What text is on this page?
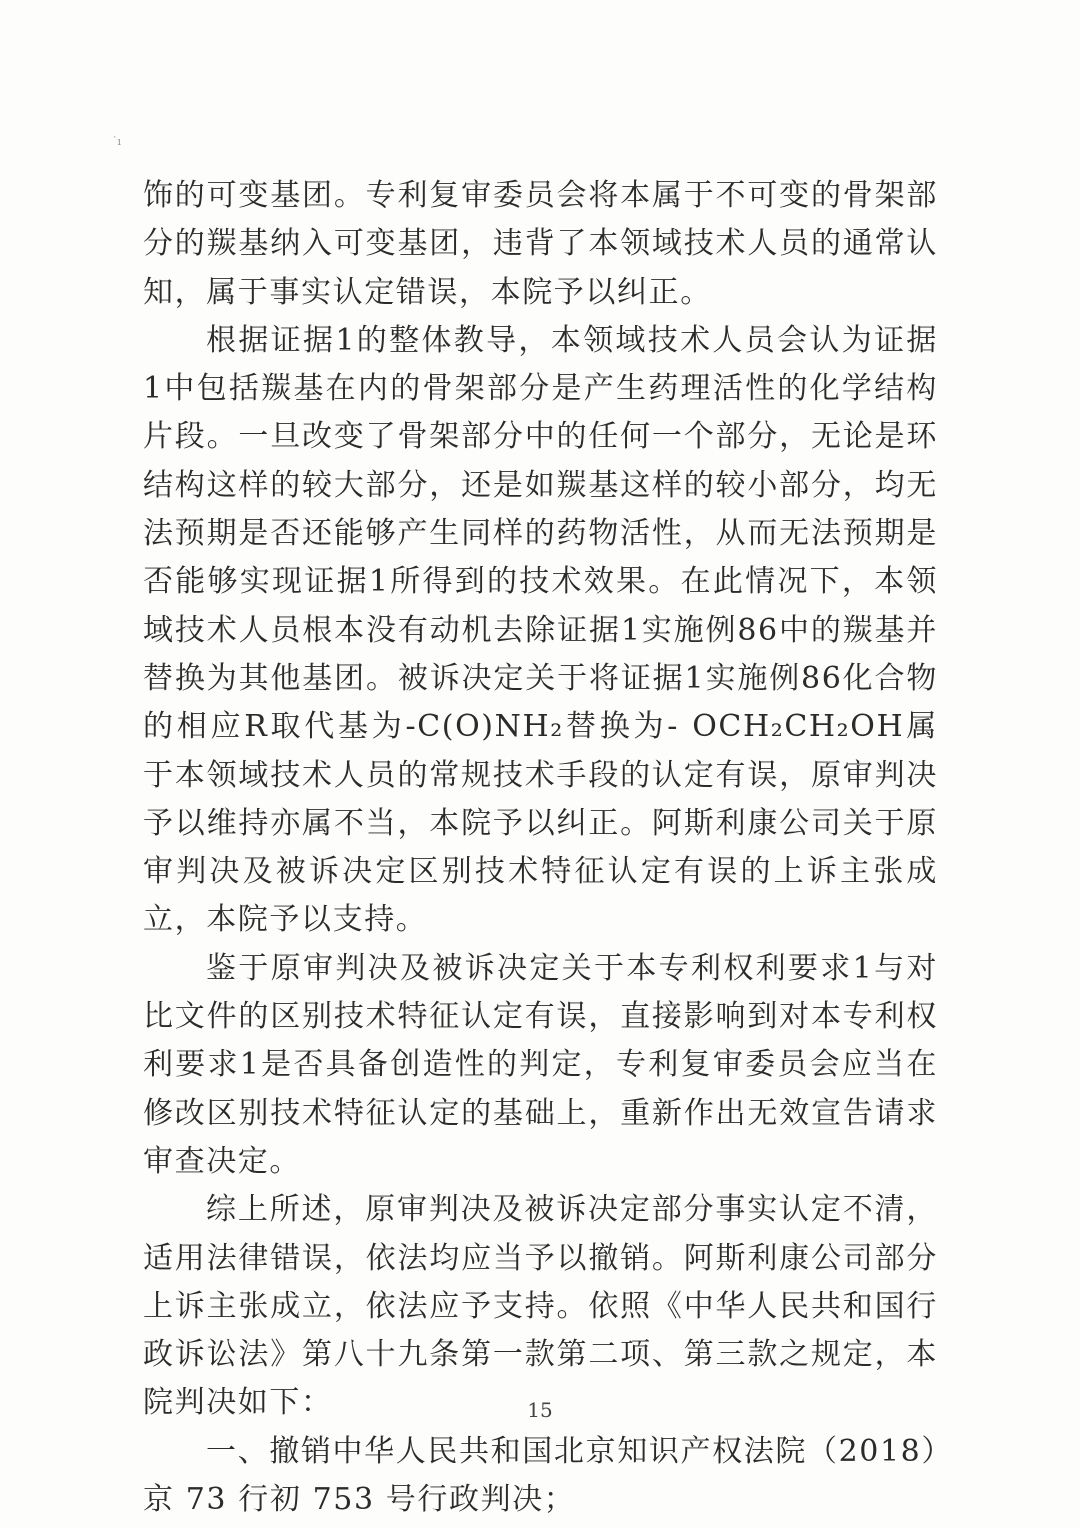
˙ı

饰的可变基团。专利复审委员会将本属于不可变的骨架部分的羰基纳入可变基团，违背了本领域技术人员的通常认知，属于事实认定错误，本院予以纠正。

根据证据1的整体教导，本领域技术人员会认为证据1中包括羰基在内的骨架部分是产生药理活性的化学结构片段。一旦改变了骨架部分中的任何一个部分，无论是环结构这样的较大部分，还是如羰基这样的较小部分，均无法预期是否还能够产生同样的药物活性，从而无法预期是否能够实现证据1所得到的技术效果。在此情况下，本领域技术人员根本没有动机去除证据1实施例86中的羰基并替换为其他基团。被诉决定关于将证据1实施例86化合物的相应R取代基为-C(O)NH₂替换为- OCH₂CH₂OH属于本领域技术人员的常规技术手段的认定有误，原审判决予以维持亦属不当，本院予以纠正。阿斯利康公司关于原审判决及被诉决定区别技术特征认定有误的上诉主张成立，本院予以支持。

鉴于原审判决及被诉决定关于本专利权利要求1与对比文件的区别技术特征认定有误，直接影响到对本专利权利要求1是否具备创造性的判定，专利复审委员会应当在修改区别技术特征认定的基础上，重新作出无效宣告请求审查决定。

综上所述，原审判决及被诉决定部分事实认定不清，适用法律错误，依法均应当予以撤销。阿斯利康公司部分上诉主张成立，依法应予支持。依照《中华人民共和国行政诉讼法》第八十九条第一款第二项、第三款之规定，本院判决如下：

一、撤销中华人民共和国北京知识产权法院（2018）京 73 行初 753 号行政判决；

15
